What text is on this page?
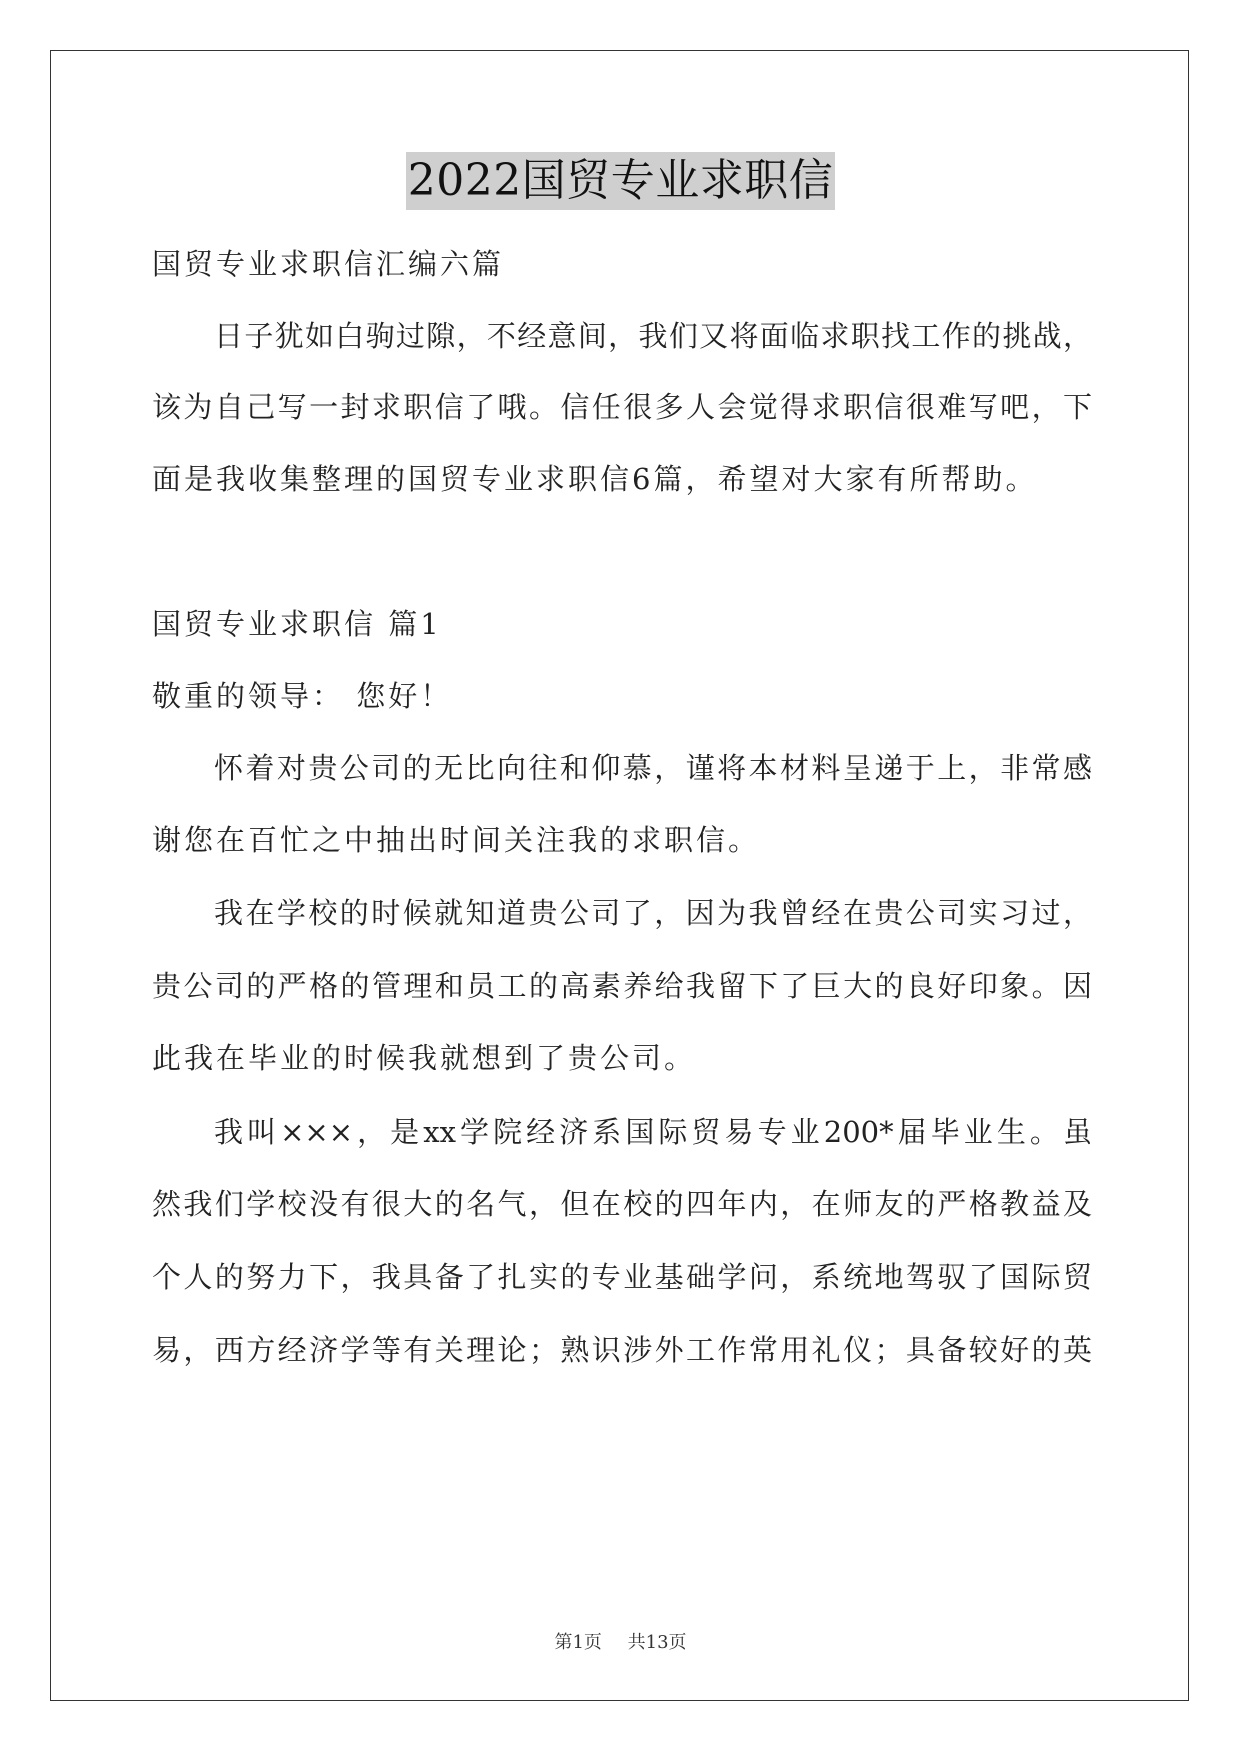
2022国贸专业求职信
国贸专业求职信汇编六篇
日子犹如白驹过隙，不经意间，我们又将面临求职找工作的挑战，
该为自己写一封求职信了哦。信任很多人会觉得求职信很难写吧，下
面是我收集整理的国贸专业求职信6篇，希望对大家有所帮助。
国贸专业求职信 篇1
敬重的领导： 您好！
怀着对贵公司的无比向往和仰慕，谨将本材料呈递于上，非常感
谢您在百忙之中抽出时间关注我的求职信。
我在学校的时候就知道贵公司了，因为我曾经在贵公司实习过，
贵公司的严格的管理和员工的高素养给我留下了巨大的良好印象。因
此我在毕业的时候我就想到了贵公司。
我叫×××，是xx学院经济系国际贸易专业200*届毕业生。虽
然我们学校没有很大的名气，但在校的四年内，在师友的严格教益及
个人的努力下，我具备了扎实的专业基础学问，系统地驾驭了国际贸
易，西方经济学等有关理论；熟识涉外工作常用礼仪；具备较好的英
第1页 共13页
